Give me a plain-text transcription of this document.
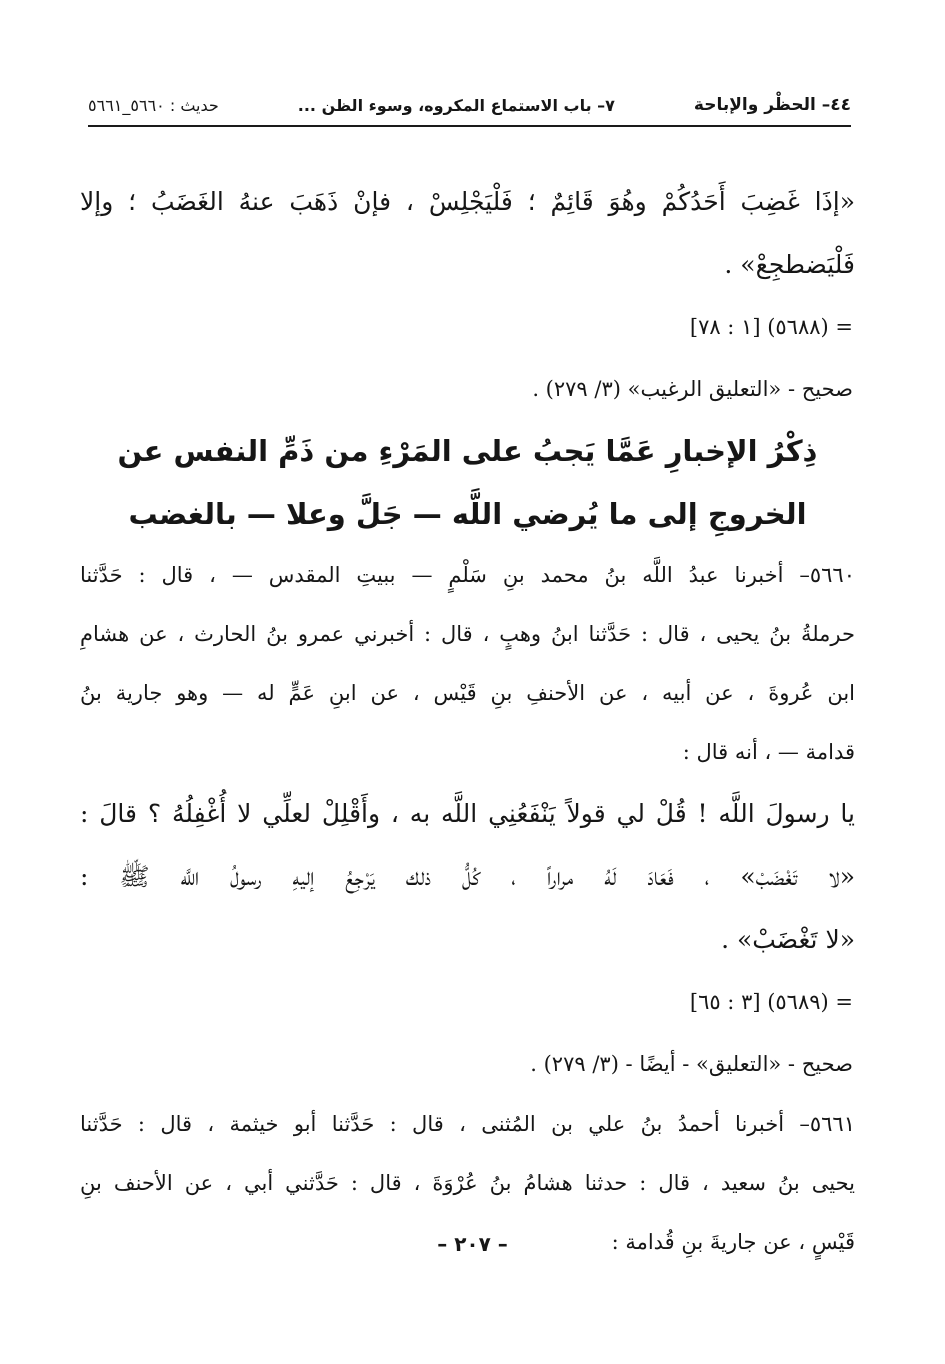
٤٤– الحظْر والإباحة
٧– باب الاستماع المكروه، وسوء الظن ...
حديث : ٥٦٦٠_٥٦٦١
«إذَا غَضِبَ أَحَدُكُمْ وهُوَ قَائِمٌ ؛ فَلْيَجْلِسْ ، فإنْ ذَهَبَ عنهُ الغَضَبُ ؛ وإلا
فَلْيَضطجِعْ» .
= (٥٦٨٨) [١ : ٧٨]
صحيح - «التعليق الرغيب» (٣/ ٢٧٩) .
ذِكْرُ الإخبارِ عَمَّا يَجبُ على المَرْءِ من ذَمِّ النفس عن
الخروجِ إلى ما يُرضي اللَّه — جَلَّ وعلا — بالغضب
٥٦٦٠– أخبرنا عبدُ اللَّه بنُ محمد بنِ سَلْمٍ — ببيتِ المقدس — ، قال : حَدَّثنا
حرملةُ بنُ يحيى ، قال : حَدَّثنا ابنُ وهبٍ ، قال : أخبرني عمرو بنُ الحارث ، عن هشامِ
ابن عُروةَ ، عن أبيه ، عن الأحنفِ بنِ قَيْس ، عن ابنِ عَمٍّ له — وهو جارية بنُ
قدامة — ، أنه قال :
يا رسولَ اللَّه ! قُلْ لي قولاً يَنْفَعُنِي اللَّه به ، وأَقْلِلْ لعلِّي لا أُغْفِلُهُ ؟ قالَ :
«لا تَغْضَبْ» ، فَعَادَ لَهُ مراراً ، كُلُّ ذلك يَرْجِعُ إليهِ رسولُ اللَّه ﷺ :
«لا تَغْضَبْ» .
= (٥٦٨٩) [٣ : ٦٥]
صحيح - «التعليق» - أيضًا - (٣/ ٢٧٩) .
٥٦٦١– أخبرنا أحمدُ بنُ علي بن المُثنى ، قال : حَدَّثنا أبو خيثمة ، قال : حَدَّثنا
يحيى بنُ سعيد ، قال : حدثنا هشامُ بنُ عُرْوَةَ ، قال : حَدَّثني أبي ، عن الأحنف بنِ
قَيْسٍ ، عن جاريةَ بنِ قُدامة :
– ٢٠٧ –
